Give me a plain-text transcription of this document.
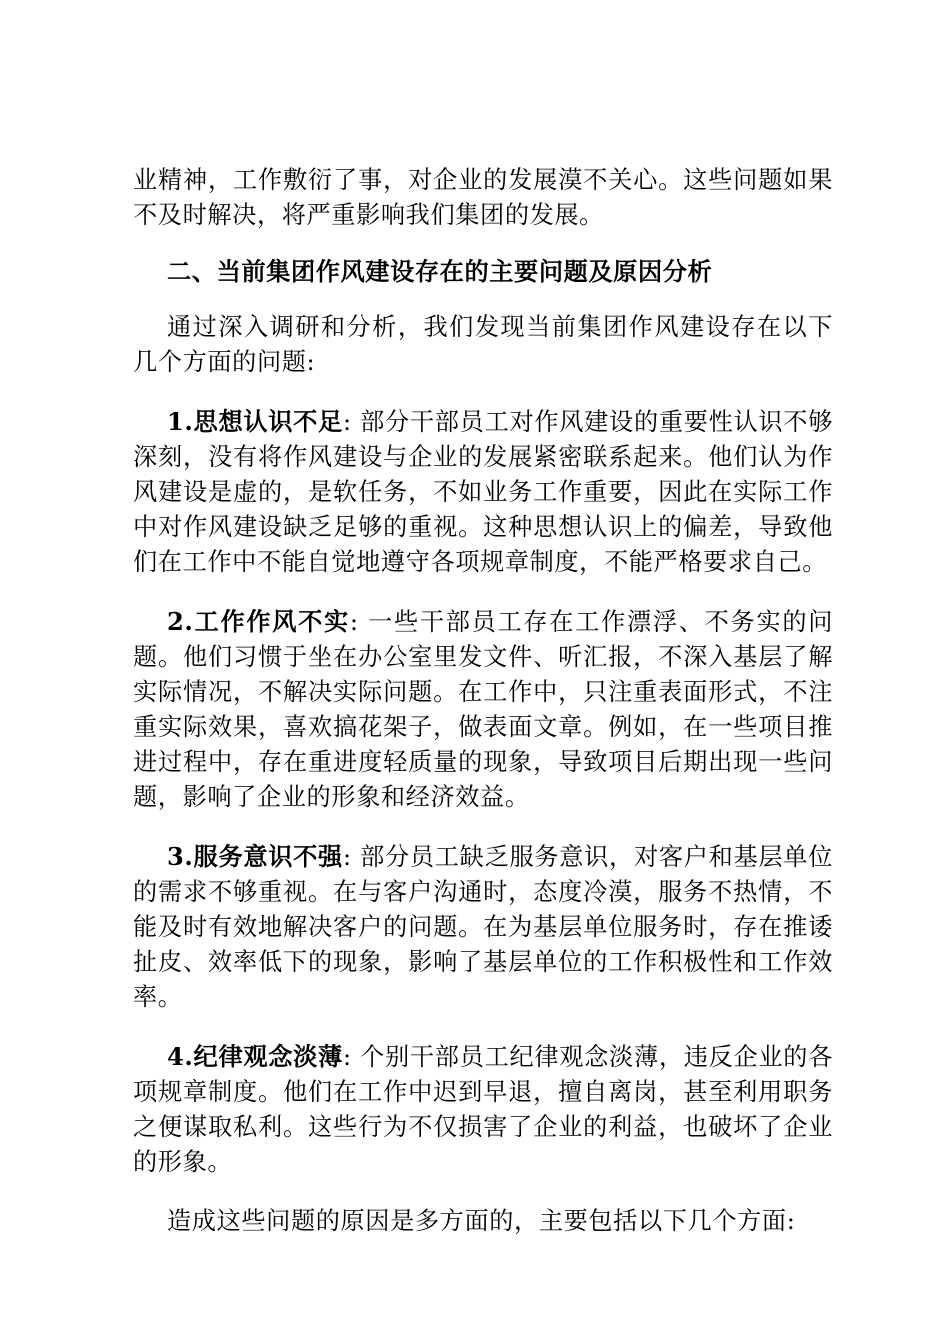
业精神，工作敷衍了事，对企业的发展漠不关心。这些问题如果不及时解决，将严重影响我们集团的发展。

二、当前集团作风建设存在的主要问题及原因分析

通过深入调研和分析，我们发现当前集团作风建设存在以下几个方面的问题:

1.思想认识不足: 部分干部员工对作风建设的重要性认识不够深刻，没有将作风建设与企业的发展紧密联系起来。他们认为作风建设是虚的，是软任务，不如业务工作重要，因此在实际工作中对作风建设缺乏足够的重视。这种思想认识上的偏差，导致他们在工作中不能自觉地遵守各项规章制度，不能严格要求自己。

2.工作作风不实: 一些干部员工存在工作漂浮、不务实的问题。他们习惯于坐在办公室里发文件、听汇报，不深入基层了解实际情况，不解决实际问题。在工作中，只注重表面形式，不注重实际效果，喜欢搞花架子，做表面文章。例如，在一些项目推进过程中，存在重进度轻质量的现象，导致项目后期出现一些问题，影响了企业的形象和经济效益。

3.服务意识不强: 部分员工缺乏服务意识，对客户和基层单位的需求不够重视。在与客户沟通时，态度冷漠，服务不热情，不能及时有效地解决客户的问题。在为基层单位服务时，存在推诿扯皮、效率低下的现象，影响了基层单位的工作积极性和工作效率。

4.纪律观念淡薄: 个别干部员工纪律观念淡薄，违反企业的各项规章制度。他们在工作中迟到早退，擅自离岗，甚至利用职务之便谋取私利。这些行为不仅损害了企业的利益，也破坏了企业的形象。

造成这些问题的原因是多方面的，主要包括以下几个方面:
